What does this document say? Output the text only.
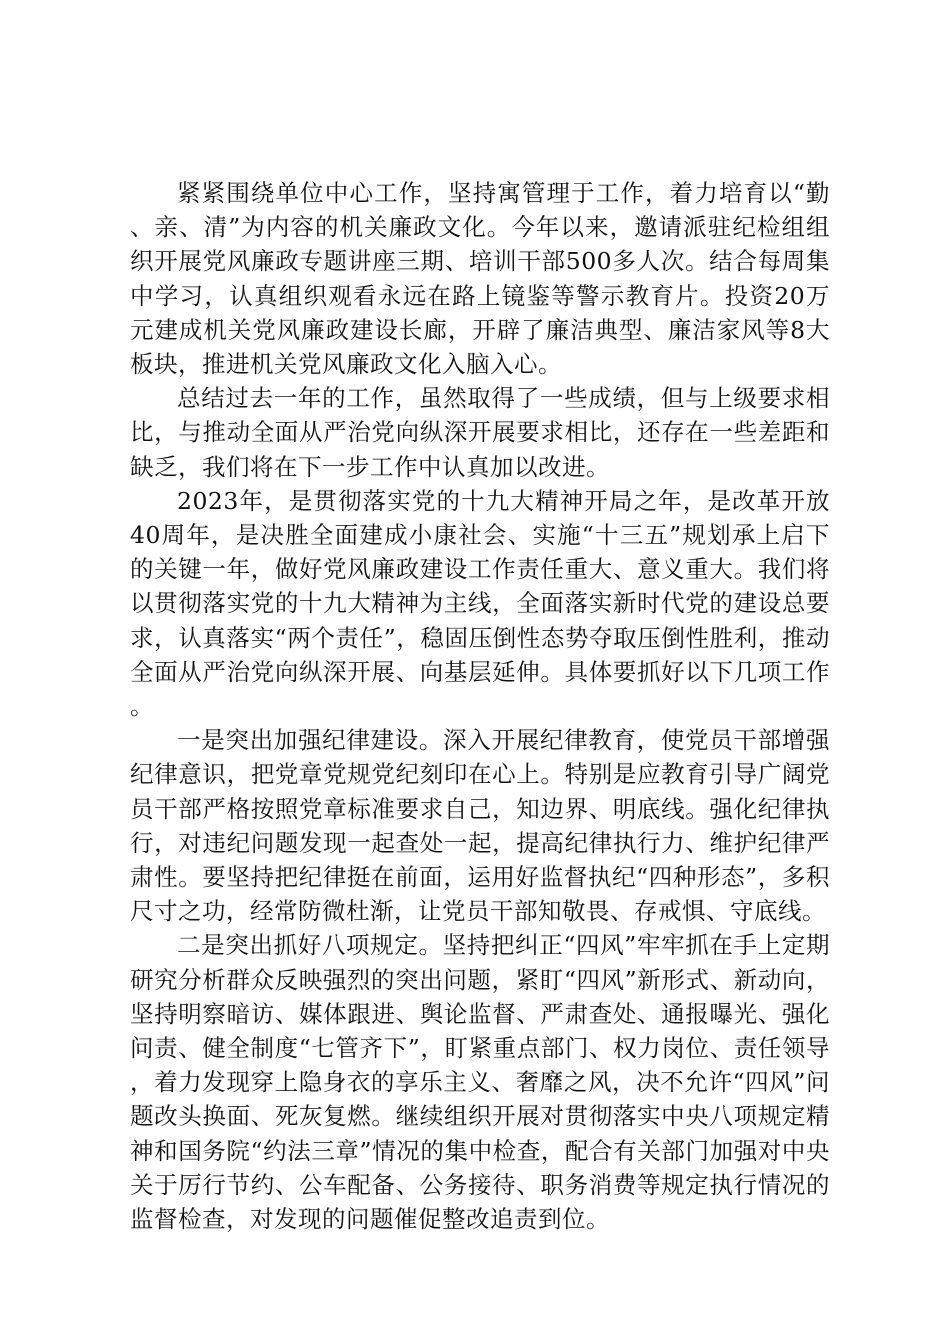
紧紧围绕单位中心工作，坚持寓管理于工作，着力培育以“勤、亲、清”为内容的机关廉政文化。今年以来，邀请派驻纪检组组织开展党风廉政专题讲座三期、培训干部500多人次。结合每周集中学习，认真组织观看永远在路上镜鉴等警示教育片。投资20万元建成机关党风廉政建设长廊，开辟了廉洁典型、廉洁家风等8大板块，推进机关党风廉政文化入脑入心。

总结过去一年的工作，虽然取得了一些成绩，但与上级要求相比，与推动全面从严治党向纵深开展要求相比，还存在一些差距和缺乏，我们将在下一步工作中认真加以改进。

2023年，是贯彻落实党的十九大精神开局之年，是改革开放40周年，是决胜全面建成小康社会、实施“十三五”规划承上启下的关键一年，做好党风廉政建设工作责任重大、意义重大。我们将以贯彻落实党的十九大精神为主线，全面落实新时代党的建设总要求，认真落实“两个责任”，稳固压倒性态势夺取压倒性胜利，推动全面从严治党向纵深开展、向基层延伸。具体要抓好以下几项工作。

一是突出加强纪律建设。深入开展纪律教育，使党员干部增强纪律意识，把党章党规党纪刻印在心上。特别是应教育引导广阔党员干部严格按照党章标准要求自己，知边界、明底线。强化纪律执行，对违纪问题发现一起查处一起，提高纪律执行力、维护纪律严肃性。要坚持把纪律挺在前面，运用好监督执纪“四种形态”，多积尺寸之功，经常防微杜渐，让党员干部知敬畏、存戒惧、守底线。

二是突出抓好八项规定。坚持把纠正“四风”牢牢抓在手上定期研究分析群众反映强烈的突出问题，紧盯“四风”新形式、新动向，坚持明察暗访、媒体跟进、舆论监督、严肃查处、通报曝光、强化问责、健全制度“七管齐下”，盯紧重点部门、权力岗位、责任领导，着力发现穿上隐身衣的享乐主义、奢靡之风，决不允许“四风”问题改头换面、死灰复燃。继续组织开展对贯彻落实中央八项规定精神和国务院“约法三章”情况的集中检查，配合有关部门加强对中央关于厉行节约、公车配备、公务接待、职务消费等规定执行情况的监督检查，对发现的问题催促整改追责到位。
